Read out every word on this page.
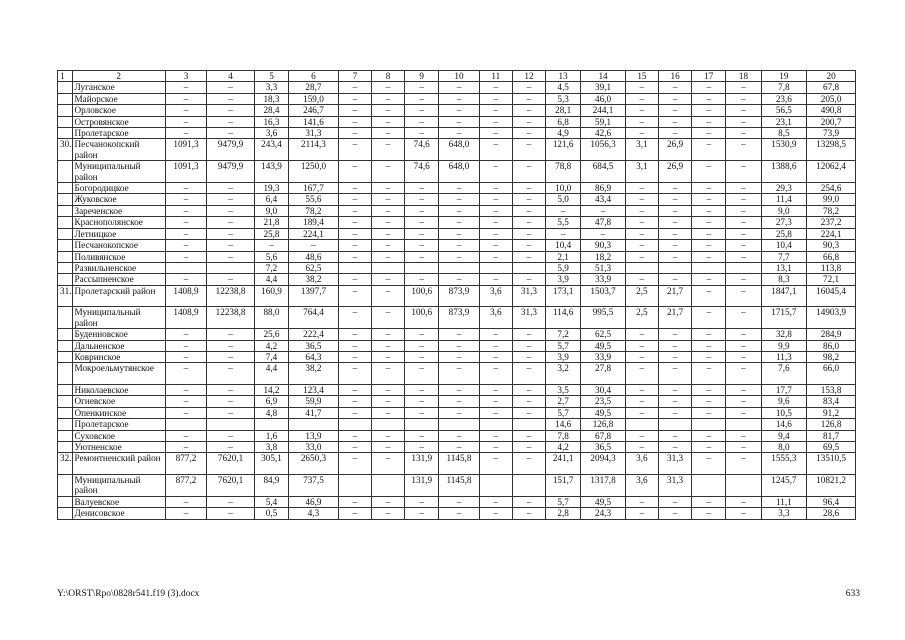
1	2	3	4	5	6	7	8	9	10	11	12	13	14	15	16	17	18	19	20
	Луганское	–	–	3,3	28,7	–	–	–	–	–	–	4,5	39,1	–	–	–	–	7,8	67,8
	Майорское	–	–	18,3	159,0	–	–	–	–	–	–	5,3	46,0	–	–	–	–	23,6	205,0
	Орловское	–	–	28,4	246,7	–	–	–	–	–	–	28,1	244,1	–	–	–	–	56,5	490,8
	Островянское	–	–	16,3	141,6	–	–	–	–	–	–	6,8	59,1	–	–	–	–	23,1	200,7
	Пролетарское	–	–	3,6	31,3	–	–	–	–	–	–	4,9	42,6	–	–	–	–	8,5	73,9
30.	Песчанокопский район	1091,3	9479,9	243,4	2114,3	–	–	74,6	648,0	–	–	121,6	1056,3	3,1	26,9	–	–	1530,9	13298,5
	Муниципальный район	1091,3	9479,9	143,9	1250,0	–	–	74,6	648,0	–	–	78,8	684,5	3,1	26,9	–	–	1388,6	12062,4
	Богородицкое	–	–	19,3	167,7	–	–	–	–	–	–	10,0	86,9	–	–	–	–	29,3	254,6
	Жуковское	–	–	6,4	55,6	–	–	–	–	–	–	5,0	43,4	–	–	–	–	11,4	99,0
	Зареченское	–	–	9,0	78,2	–	–	–	–	–	–	–	–	–	–	–	–	9,0	78,2
	Краснополянское	–	–	21,8	189,4	–	–	–	–	–	–	5,5	47,8	–	–	–	–	27,3	237,2
	Летницкое	–	–	25,8	224,1	–	–	–	–	–	–	–	–	–	–	–	–	25,8	224,1
	Песчанокопское	–	–	–	–	–	–	–	–	–	–	10,4	90,3	–	–	–	–	10,4	90,3
	Поливянское	–	–	5,6	48,6	–	–	–	–	–	–	2,1	18,2	–	–	–	–	7,7	66,8
	Развильненское			7,2	62,5							5,9	51,3					13,1	113,8
	Рассыпненское	–	–	4,4	38,2	–	–	–	–	–	–	3,9	33,9	–	–	–	–	8,3	72,1
31.	Пролетарский район	1408,9	12238,8	160,9	1397,7	–	–	100,6	873,9	3,6	31,3	173,1	1503,7	2,5	21,7	–	–	1847,1	16045,4
	Муниципальный район	1408,9	12238,8	88,0	764,4	–	–	100,6	873,9	3,6	31,3	114,6	995,5	2,5	21,7	–	–	1715,7	14903,9
	Буденновское	–	–	25,6	222,4	–	–	–	–	–	–	7,2	62,5	–	–	–	–	32,8	284,9
	Дальненское	–	–	4,2	36,5	–	–	–	–	–	–	5,7	49,5	–	–	–	–	9,9	86,0
	Ковринское	–	–	7,4	64,3	–	–	–	–	–	–	3,9	33,9	–	–	–	–	11,3	98,2
	Мокроельмутянское	–	–	4,4	38,2	–	–	–	–	–	–	3,2	27,8	–	–	–	–	7,6	66,0
	Николаевское	–	–	14,2	123,4	–	–	–	–	–	–	3,5	30,4	–	–	–	–	17,7	153,8
	Огневское	–	–	6,9	59,9	–	–	–	–	–	–	2,7	23,5	–	–	–	–	9,6	83,4
	Опенкинское	–	–	4,8	41,7	–	–	–	–	–	–	5,7	49,5	–	–	–	–	10,5	91,2
	Пролетарское											14,6	126,8					14,6	126,8
	Суховское	–	–	1,6	13,9	–	–	–	–	–	–	7,8	67,8	–	–	–	–	9,4	81,7
	Уютненское	–	–	3,8	33,0	–	–	–	–	–	–	4,2	36,5	–	–	–	–	8,0	69,5
32.	Ремонтненский район	877,2	7620,1	305,1	2650,3	–	–	131,9	1145,8	–	–	241,1	2094,3	3,6	31,3	–	–	1555,3	13510,5
	Муниципальный район	877,2	7620,1	84,9	737,5			131,9	1145,8			151,7	1317,8	3,6	31,3			1245,7	10821,2
	Валуевское	–	–	5,4	46,9	–	–	–	–	–	–	5,7	49,5	–	–	–	–	11,1	96,4
	Денисовское	–	–	0,5	4,3	–	–	–	–	–	–	2,8	24,3	–	–	–	–	3,3	28,6
Y:\ORST\Rpo\0828r541.f19 (3).docx	633
